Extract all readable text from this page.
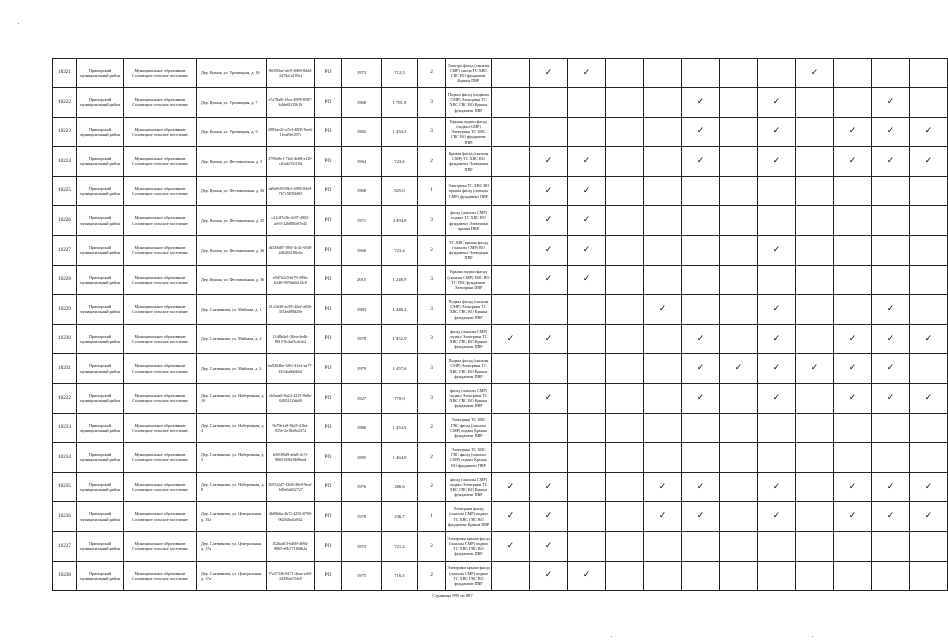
10221	Приморский муниципальный район	Муниципальное образование Соловецкое сельское поселение	Дер. Кушня, ул. Урочищная, д. 16	9b59f3ae-afc9-4680-8dd4-3479a1a105cf	РО	1973	712,5	2	Электро фасад (сыпалы СМР) сносы ТС ХВС ГВС ВО фундамент Крыша ПВР		✓	✓						✓			
10222	Приморский муниципальный район	Муниципальное образование Соловецкое сельское поселение	Дер. Кушня, ул. Урочищная, д. 7	e7a78a0f-f5ea-4998-8587-b4de8f135b16	РО	1968	1 781,8	3	Подвал фасад (подвалы СМР) Электрики ТС ХВС ГВС ВО Крыша фундамент ПВР						✓		✓			✓	
10223	Приморский муниципальный район	Муниципальное образование Соловецкое сельское поселение	Дер. Кушня, ул. Урочищная, д. 9	2983ae21-a7e3-4805-9ee6-11eaf9ef297c	РО	1982	1 454,5	3	Крыша подвал фасад (подвал СМР) Электрики ТС ХВС ГВС ВО фундамент ПВР						✓		✓		✓	✓	✓
10224	Приморский муниципальный район	Муниципальное образование Соловецкое сельское поселение	Дер. Кушня, ул. Фестивальная, д. 3	3795e8e1-72ef-4e68-a129-c61ab7f5f194	РО	1964	723,6	2	Кровля фасад (сыпалы СМР) ТС ХВС ВО фундамент Электрики ПВР		✓	✓			✓		✓		✓	✓	✓
10225	Приморский муниципальный район	Муниципальное образование Соловецкое сельское поселение	Дер. Кушня, ул. Фестивальная, д. 36	da9a9f83-08cf-4985-84e9-7b7c5835b9f5	РО	1968	825,0	1	Электрики ТС ХВС ВО крыша фасад (сыпалы СМР) фундамент ПВР		✓	✓									
10226	Приморский муниципальный район	Муниципальное образование Соловецкое сельское поселение	Дер. Кушня, ул. Фестивальная, д. 25	c21c87e3b-4c97-4905-ae93-32b888a97e45	РО	1971	4 494,8	3	фасад (сыпалы СМР) подвал ТС ХВС ВО фундамент Электрики крыша ПВР		✓	✓									
10227	Приморский муниципальный район	Муниципальное образование Соловецкое сельское поселение	Дер. Кушня, ул. Фестивальная, д. 36	df339d87-f85f-4c41-9f58-2d6463180c6a	РО	1960	723,4	2	ТС ХВС крыша фасад (сыпалы СМР) ВО фундамент Электрики ПВР		✓	✓					✓				
10228	Приморский муниципальный район	Муниципальное образование Соловецкое сельское поселение	Дер. Кушня, ул. Фестивальная, д. 36	e9d7b2c0-6f79-499a-b340-9959a6b1f2c0	РО	2015	1 248,9	3	Крыша подвал фасад (сыпалы СМР) ХВС ВО ТС ГВС фундамент Электрики ПВР		✓	✓									
10229	Приморский муниципальный район	Муниципальное образование Соловецкое сельское поселение	Дер. Слатвинова, ул. Майская, д. 1	21c5ff48-ac58-42e2-a656-3f33ed98d29e	РО	1983	1 448,4	3	Подвал фасад (сыпалы СМР) Электрики ТС ХВС ГВС ВО Крыша фундамент ПВР					✓			✓			✓	
10230	Приморский муниципальный район	Муниципальное образование Соловецкое сельское поселение	Дер. Слатвинова, ул. Майская, д. 2	21d8b4e1-30ea-4edb-8615-9c4af5cdcfe4	РО	1978	1 452,9	3	фасад (сыпалы СМР) подвал Электрики ТС ХВС ГВС ВО Крыша фундамент ПВР	✓	✓				✓		✓		✓	✓	✓
10231	Приморский муниципальный район	Муниципальное образование Соловецкое сельское поселение	Дер. Слатвинова, ул. Майская, д. 2	ba9204be-3f61-41e2-aa77-415cba8d6bb2	РО	1979	1 457,6	3	Подвал фасад (сыпалы СМР) Электрики ТС ХВС ГВС ВО Крыша фундамент ПВР						✓	✓	✓	✓	✓	✓	
10232	Приморский муниципальный район	Муниципальное образование Соловецкое сельское поселение	Дер. Слатвинова, ул. Набережная, д. 19	eb5aea0-9a24-4335-8b8a-0485212bb48	РО	1927	770,9	3	фасад (сыпалы СМР) подвал Электрики ТС ХВС ГВС ВО Крыша фундамент ПВР		✓				✓		✓		✓	✓	✓
10233	Приморский муниципальный район	Муниципальное образование Соловецкое сельское поселение	Дер. Слатвинова, ул. Набережная, д. 4	9e79e1a9-9b25-41ba-925e-2e18a9e2374	РО	1886	1 454,9	2	Электрики ТС ХВС ГВС фасад (сыпалы СМР) подвал Крыша фундамент ПВР												
10234	Приморский муниципальный район	Муниципальное образование Соловецкое сельское поселение	Дер. Слатвинова, ул. Набережная, д. 5	b50189d9-a6a8-4c7f-9065-b9b18b9bfad	РО	1885	1 464,0	2	Электрики ТС ХВС ГВС фасад (сыпалы СМР) подвал Крыша ВО фундамент ПВР												
10235	Приморский муниципальный район	Муниципальное образование Соловецкое сельское поселение	Дер. Слатвинова, ул. Набережная, д. 8	5055f2d7-12b8-48e9-9eaf-1d9e0dd32727	РО	1976	286,6	2	фасад (сыпалы СМР) подвал Электрики ТС ХВС ГВС ВО Крыша фундамент ПВР	✓	✓			✓	✓		✓		✓	✓	✓
10236	Приморский муниципальный район	Муниципальное образование Соловецкое сельское поселение	Дер. Слатвинова, ул. Центральная, д. 15а	4b80b6a-2b7f-4255-8769-96264ba5a942	РО	1970	236,7	1	Электрики фасад (сыпалы СМР) подвал ТС ХВС ГВС ВО фундамент Крыша ПВР	✓	✓			✓	✓		✓		✓	✓	✓
10237	Приморский муниципальный район	Муниципальное образование Соловецкое сельское поселение	Дер. Слатвинова, ул. Центральная, д. 17а	f52bad13-b469-4694-8865-e0b771f0db2a	РО	1973	721,2	2	Электрики крыша фасад (сыпалы СМР) подвал ТС ХВС ГВС ВО фундамент ПВР	✓	✓										
10238	Приморский муниципальный район	Муниципальное образование Соловецкое сельское поселение	Дер. Слатвинова, ул. Центральная, д. 17а	f7a3733b-8471-4eaa-a40f-24296ef55fe0	РО	1975	716,5	2	Электрики крыша фасад (сыпалы СМР) подвал ТС ХВС ГВС ВО фундамент ПВР		✓	✓									
Страница 995 из 887
